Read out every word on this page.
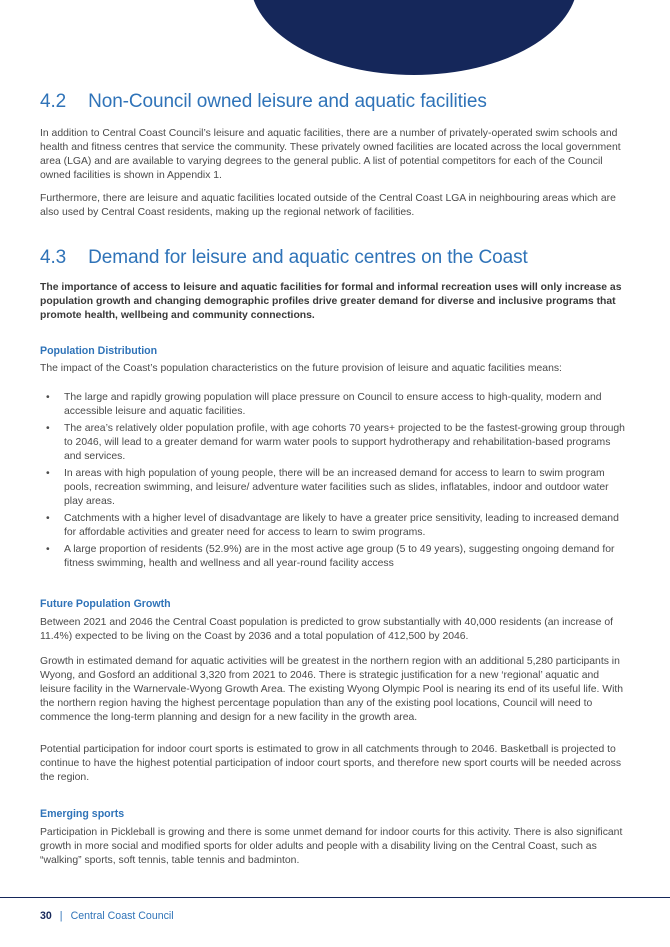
4.2 Non-Council owned leisure and aquatic facilities

In addition to Central Coast Council’s leisure and aquatic facilities, there are a number of privately-operated swim schools and health and fitness centres that service the community. These privately owned facilities are located across the local government area (LGA) and are available to varying degrees to the general public. A list of potential competitors for each of the Council owned facilities is shown in Appendix 1.

Furthermore, there are leisure and aquatic facilities located outside of the Central Coast LGA in neighbouring areas which are also used by Central Coast residents, making up the regional network of facilities.

4.3 Demand for leisure and aquatic centres on the Coast

The importance of access to leisure and aquatic facilities for formal and informal recreation uses will only increase as population growth and changing demographic profiles drive greater demand for diverse and inclusive programs that promote health, wellbeing and community connections.

Population Distribution

The impact of the Coast’s population characteristics on the future provision of leisure and aquatic facilities means:

• The large and rapidly growing population will place pressure on Council to ensure access to high-quality, modern and accessible leisure and aquatic facilities.
• The area’s relatively older population profile, with age cohorts 70 years+ projected to be the fastest-growing group through to 2046, will lead to a greater demand for warm water pools to support hydrotherapy and rehabilitation-based programs and services.
• In areas with high population of young people, there will be an increased demand for access to learn to swim program pools, recreation swimming, and leisure/ adventure water facilities such as slides, inflatables, indoor and outdoor water play areas.
• Catchments with a higher level of disadvantage are likely to have a greater price sensitivity, leading to increased demand for affordable activities and greater need for access to learn to swim programs.
• A large proportion of residents (52.9%) are in the most active age group (5 to 49 years), suggesting ongoing demand for fitness swimming, health and wellness and all year-round facility access
Future Population Growth

Between 2021 and 2046 the Central Coast population is predicted to grow substantially with 40,000 residents (an increase of 11.4%) expected to be living on the Coast by 2036 and a total population of 412,500 by 2046.

Growth in estimated demand for aquatic activities will be greatest in the northern region with an additional 5,280 participants in Wyong, and Gosford an additional 3,320 from 2021 to 2046. There is strategic justification for a new ‘regional’ aquatic and leisure facility in the Warnervale-Wyong Growth Area. The existing Wyong Olympic Pool is nearing its end of its useful life. With the northern region having the highest percentage population than any of the existing pool locations, Council will need to commence the long-term planning and design for a new facility in the growth area.

Potential participation for indoor court sports is estimated to grow in all catchments through to 2046. Basketball is projected to continue to have the highest potential participation of indoor court sports, and therefore new sport courts will be needed across the region.

Emerging sports

Participation in Pickleball is growing and there is some unmet demand for indoor courts for this activity. There is also significant growth in more social and modified sports for older adults and people with a disability living on the Central Coast, such as “walking” sports, soft tennis, table tennis and badminton.

30 | Central Coast Council
